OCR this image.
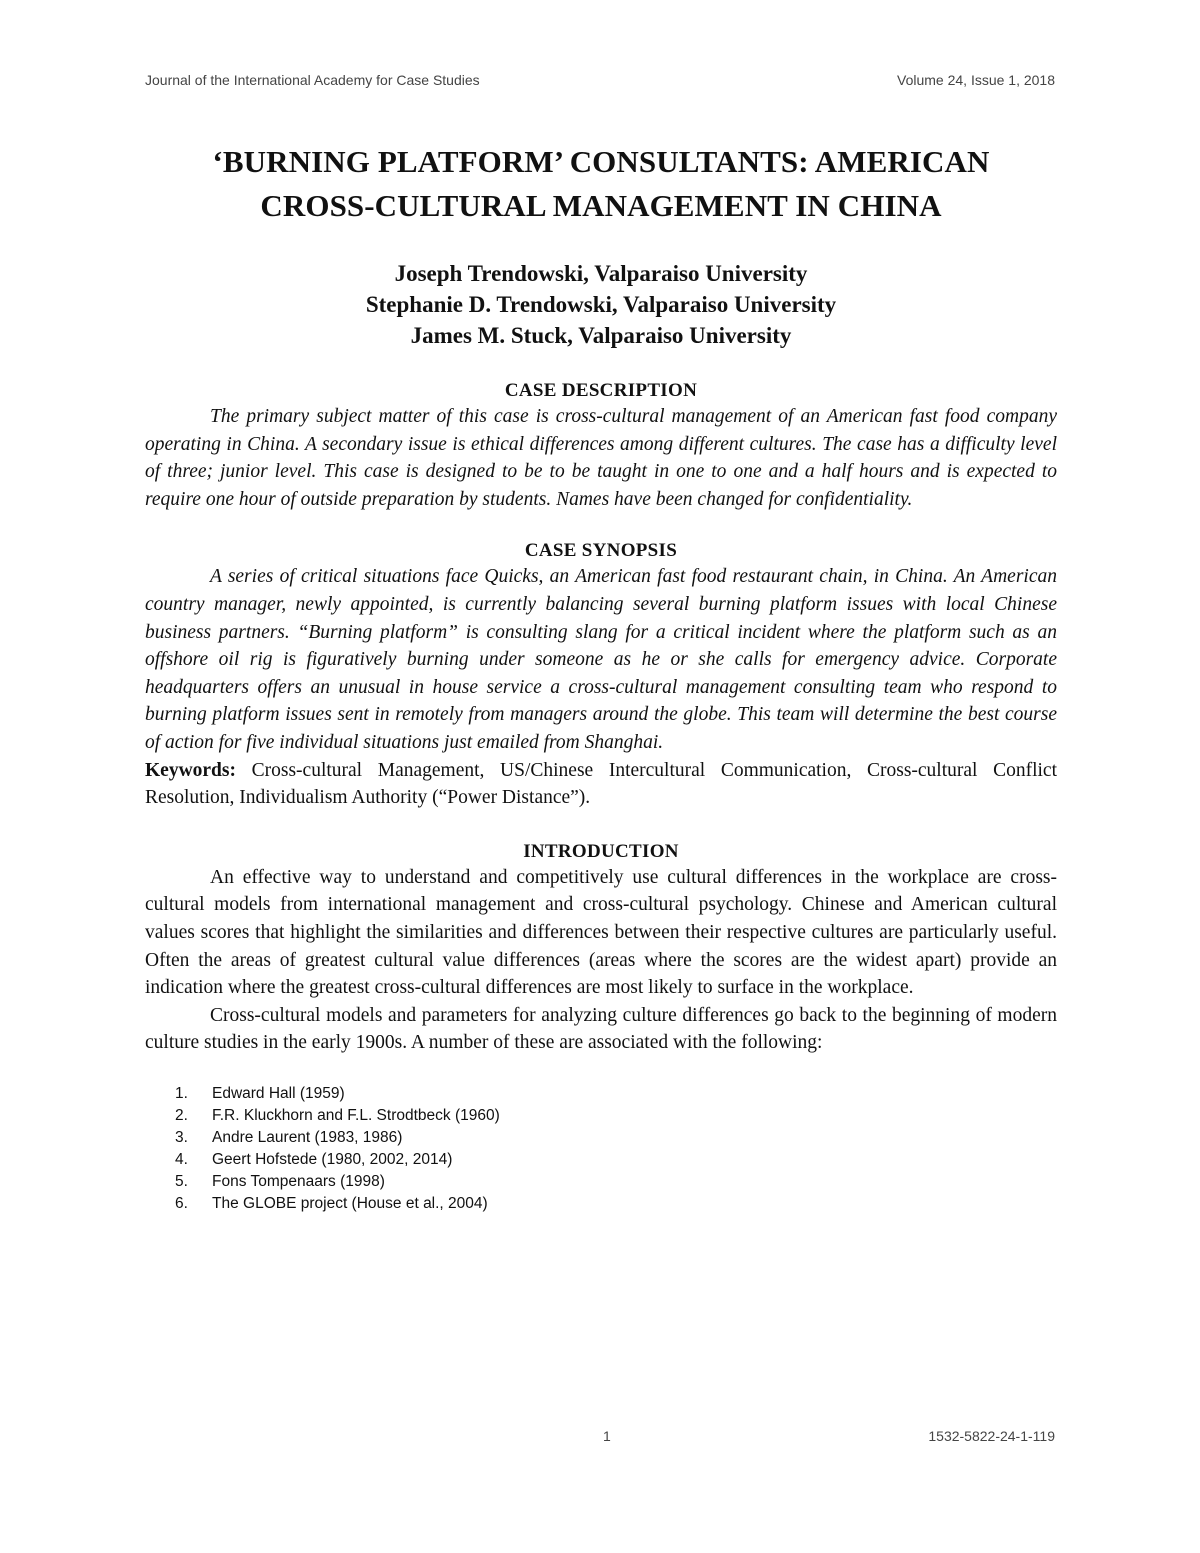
Journal of the International Academy for Case Studies	Volume 24, Issue 1, 2018
‘BURNING PLATFORM’ CONSULTANTS: AMERICAN
CROSS-CULTURAL MANAGEMENT IN CHINA
Joseph Trendowski, Valparaiso University
Stephanie D. Trendowski, Valparaiso University
James M. Stuck, Valparaiso University
CASE DESCRIPTION

The primary subject matter of this case is cross-cultural management of an American fast food company operating in China. A secondary issue is ethical differences among different cultures. The case has a difficulty level of three; junior level. This case is designed to be to be taught in one to one and a half hours and is expected to require one hour of outside preparation by students. Names have been changed for confidentiality.

CASE SYNOPSIS

A series of critical situations face Quicks, an American fast food restaurant chain, in China. An American country manager, newly appointed, is currently balancing several burning platform issues with local Chinese business partners. “Burning platform” is consulting slang for a critical incident where the platform such as an offshore oil rig is figuratively burning under someone as he or she calls for emergency advice. Corporate headquarters offers an unusual in house service a cross-cultural management consulting team who respond to burning platform issues sent in remotely from managers around the globe. This team will determine the best course of action for five individual situations just emailed from Shanghai.

Keywords: Cross-cultural Management, US/Chinese Intercultural Communication, Cross-cultural Conflict Resolution, Individualism Authority (“Power Distance”).

INTRODUCTION

An effective way to understand and competitively use cultural differences in the workplace are cross-cultural models from international management and cross-cultural psychology. Chinese and American cultural values scores that highlight the similarities and differences between their respective cultures are particularly useful. Often the areas of greatest cultural value differences (areas where the scores are the widest apart) provide an indication where the greatest cross-cultural differences are most likely to surface in the workplace.

Cross-cultural models and parameters for analyzing culture differences go back to the beginning of modern culture studies in the early 1900s. A number of these are associated with the following:

1.	Edward Hall (1959)
2.	F.R. Kluckhorn and F.L. Strodtbeck (1960)
3.	Andre Laurent (1983, 1986)
4.	Geert Hofstede (1980, 2002, 2014)
5.	Fons Tompenaars (1998)
6.	The GLOBE project (House et al., 2004)
1	1532-5822-24-1-119
